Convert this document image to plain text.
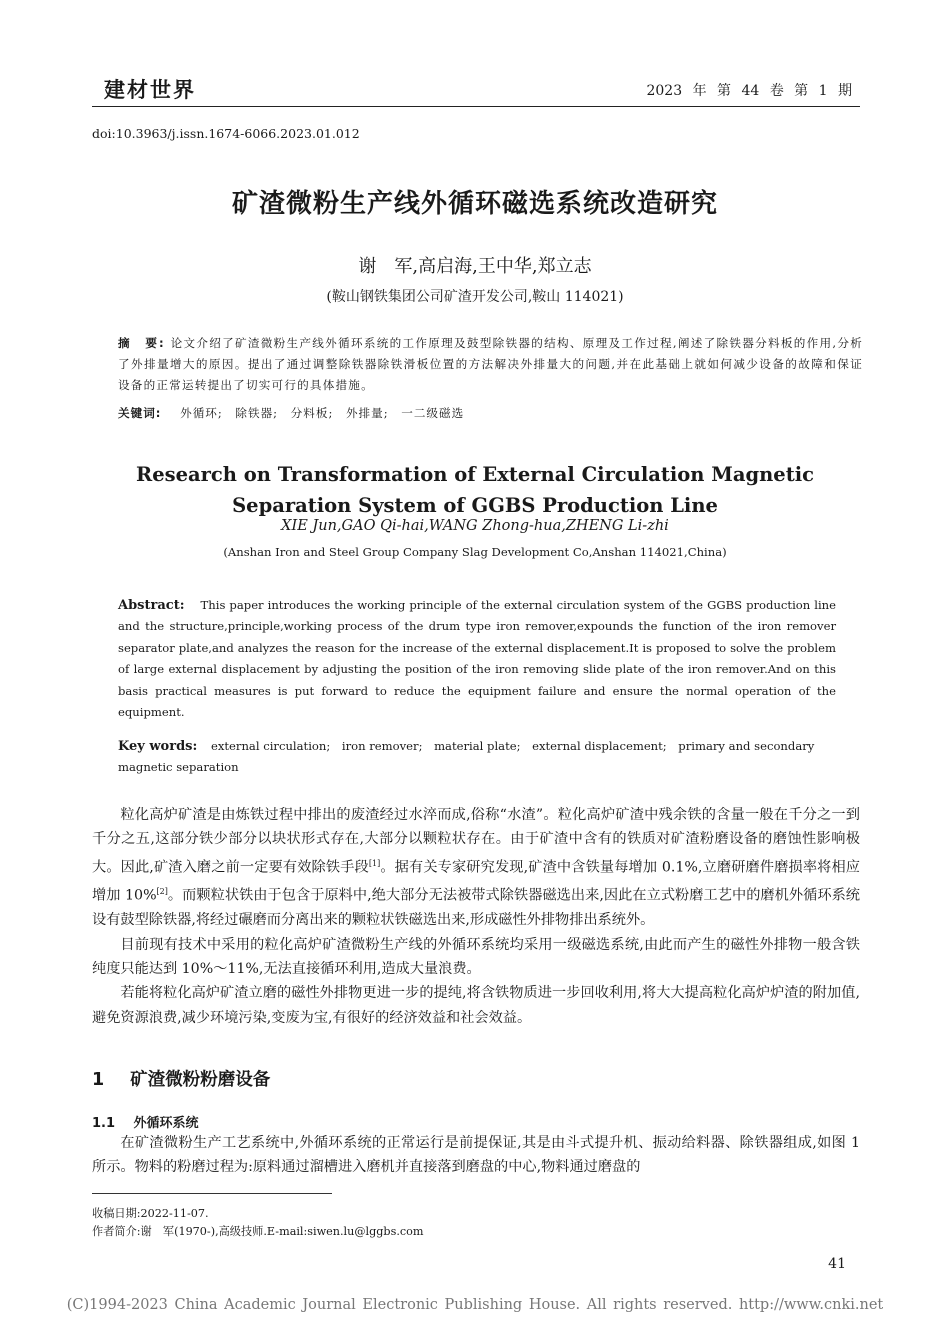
建材世界	2023 年 第 44 卷 第 1 期
doi:10.3963/j.issn.1674-6066.2023.01.012
矿渣微粉生产线外循环磁选系统改造研究
谢　军,高启海,王中华,郑立志
(鞍山钢铁集团公司矿渣开发公司,鞍山 114021)
摘　要: 论文介绍了矿渣微粉生产线外循环系统的工作原理及鼓型除铁器的结构、原理及工作过程,阐述了除铁器分料板的作用,分析了外排量增大的原因。提出了通过调整除铁器除铁滑板位置的方法解决外排量大的问题,并在此基础上就如何减少设备的故障和保证设备的正常运转提出了切实可行的具体措施。
关键词: 外循环;　除铁器;　分料板;　外排量;　一二级磁选
Research on Transformation of External Circulation Magnetic
Separation System of GGBS Production Line
XIE Jun,GAO Qi-hai,WANG Zhong-hua,ZHENG Li-zhi
(Anshan Iron and Steel Group Company Slag Development Co,Anshan 114021,China)
Abstract: This paper introduces the working principle of the external circulation system of the GGBS production line and the structure,principle,working process of the drum type iron remover,expounds the function of the iron remover separator plate,and analyzes the reason for the increase of the external displacement.It is proposed to solve the problem of large external displacement by adjusting the position of the iron removing slide plate of the iron remover.And on this basis practical measures is put forward to reduce the equipment failure and ensure the normal operation of the equipment.
Key words: external circulation;　iron remover;　material plate;　external displacement;　primary and secondary magnetic separation

粒化高炉矿渣是由炼铁过程中排出的废渣经过水淬而成,俗称“水渣”。粒化高炉矿渣中残余铁的含量一般在千分之一到千分之五,这部分铁少部分以块状形式存在,大部分以颗粒状存在。由于矿渣中含有的铁质对矿渣粉磨设备的磨蚀性影响极大。因此,矿渣入磨之前一定要有效除铁手段[1]。据有关专家研究发现,矿渣中含铁量每增加 0.1%,立磨研磨件磨损率将相应增加 10%[2]。而颗粒状铁由于包含于原料中,绝大部分无法被带式除铁器磁选出来,因此在立式粉磨工艺中的磨机外循环系统设有鼓型除铁器,将经过碾磨而分离出来的颗粒状铁磁选出来,形成磁性外排物排出系统外。

目前现有技术中采用的粒化高炉矿渣微粉生产线的外循环系统均采用一级磁选系统,由此而产生的磁性外排物一般含铁纯度只能达到 10%～11%,无法直接循环利用,造成大量浪费。

若能将粒化高炉矿渣立磨的磁性外排物更进一步的提纯,将含铁物质进一步回收利用,将大大提高粒化高炉炉渣的附加值,避免资源浪费,减少环境污染,变废为宝,有很好的经济效益和社会效益。

1 矿渣微粉粉磨设备
1.1 外循环系统

在矿渣微粉生产工艺系统中,外循环系统的正常运行是前提保证,其是由斗式提升机、振动给料器、除铁器组成,如图 1 所示。物料的粉磨过程为:原料通过溜槽进入磨机并直接落到磨盘的中心,物料通过磨盘的

收稿日期:2022-11-07.
作者简介:谢　军(1970-),高级技师.E-mail:siwen.lu@lggbs.com
41
(C)1994-2023 China Academic Journal Electronic Publishing House. All rights reserved. http://www.cnki.net
